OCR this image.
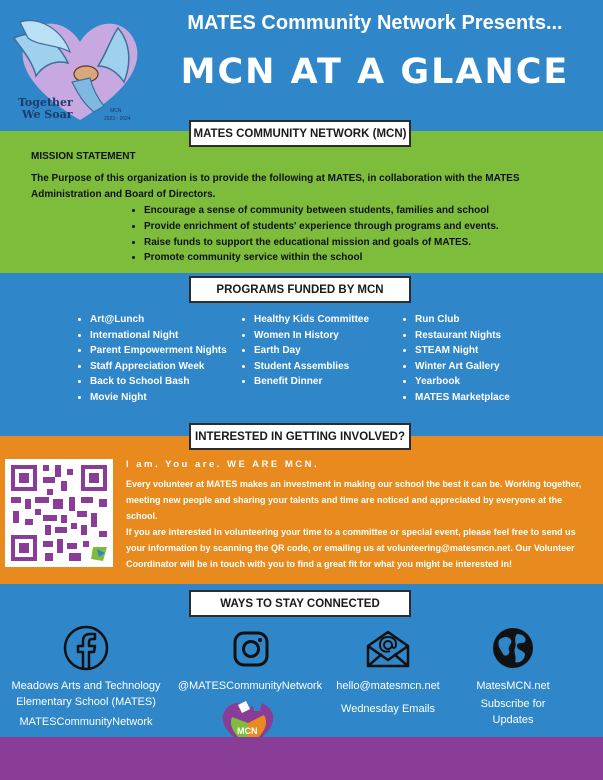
Together
We Soar	MCN
2023 - 2024
MATES Community Network Presents...
MCN AT A GLANCE
MATES COMMUNITY NETWORK (MCN)
MISSION STATEMENT
The Purpose of this organization is to provide the following at MATES, in collaboration with the MATES Administration and Board of Directors.
• Encourage a sense of community between students, families and school
• Provide enrichment of students' experience through programs and events.
• Raise funds to support the educational mission and goals of MATES.
• Promote community service within the school
PROGRAMS FUNDED BY MCN
• Art@Lunch
• International Night
• Parent Empowerment Nights
• Staff Appreciation Week
• Back to School Bash
• Movie Night
• Healthy Kids Committee
• Women In History
• Earth Day
• Student Assemblies
• Benefit Dinner
• Run Club
• Restaurant Nights
• STEAM Night
• Winter Art Gallery
• Yearbook
• MATES Marketplace
INTERESTED IN GETTING INVOLVED?
I am. You are. WE ARE MCN.
Every volunteer at MATES makes an investment in making our school the best it can be. Working together, meeting new people and sharing your talents and time are noticed and appreciated by everyone at the school.
If you are interested in volunteering your time to a committee or special event, please feel free to send us your information by scanning the QR code, or emailing us at volunteering@matesmcn.net. Our Volunteer Coordinator will be in touch with you to find a great fit for what you might be interested in!
WAYS TO STAY CONNECTED
Meadows Arts and Technology
Elementary School (MATES)
MATESCommunityNetwork
@MATESCommunityNetwork
MCN
hello@matesmcn.net
Wednesday Emails
MatesMCN.net
Subscribe for
Updates
